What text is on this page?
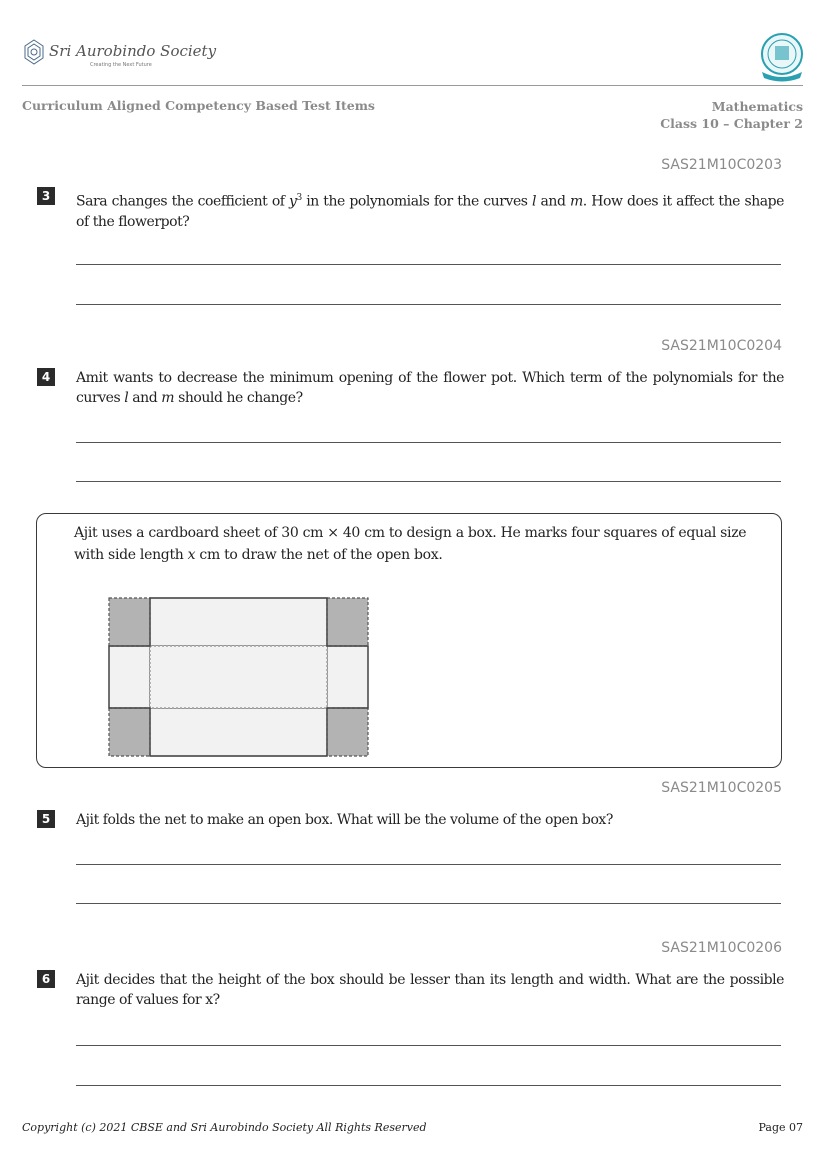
Sri Aurobindo Society
Creating the Next Future
Curriculum Aligned Competency Based Test Items	Mathematics
Class 10 – Chapter 2
SAS21M10C0203
3	Sara changes the coefficient of $y^3$ in the polynomials for the curves l and m. How does it affect the shape of the flowerpot?
SAS21M10C0204
4	Amit wants to decrease the minimum opening of the flower pot. Which term of the polynomials for the curves l and m should he change?
Ajit uses a cardboard sheet of 30 cm × 40 cm to design a box. He marks four squares of equal size with side length x cm to draw the net of the open box.
SAS21M10C0205
5	Ajit folds the net to make an open box. What will be the volume of the open box?
SAS21M10C0206
6	Ajit decides that the height of the box should be lesser than its length and width. What are the possible range of values for x?
Copyright (c) 2021 CBSE and Sri Aurobindo Society All Rights Reserved	Page 07
